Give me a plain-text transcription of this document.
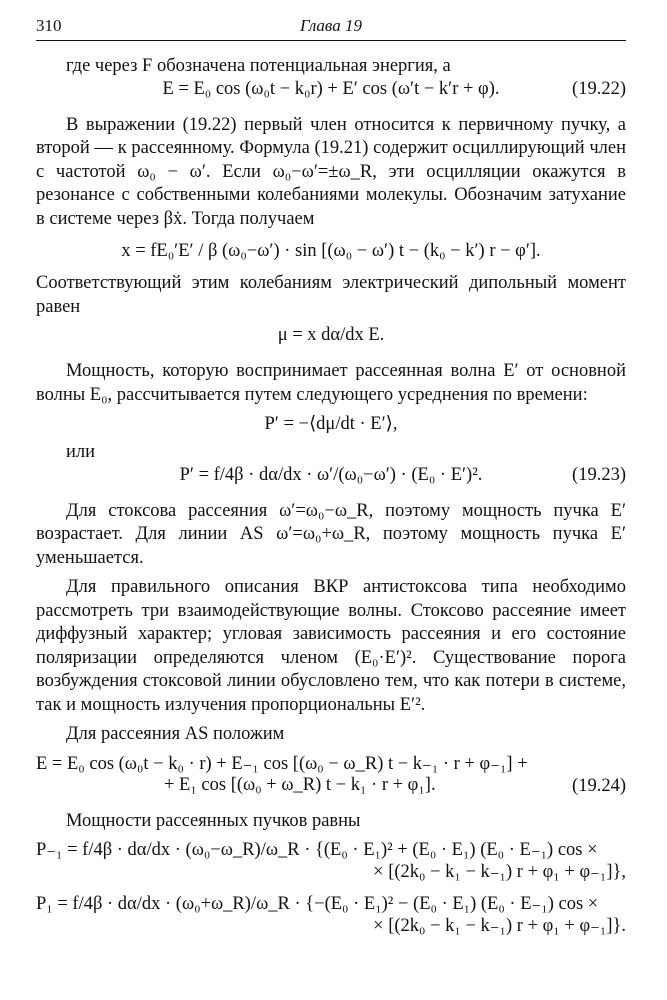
310	Глава 19

где через F обозначена потенциальная энергия, а

E = E₀ cos (ω₀t − k₀r) + E′ cos (ω′t − k′r + φ).	(19.22)

В выражении (19.22) первый член относится к первичному пучку, а второй — к рассеянному. Формула (19.21) содержит осциллирующий член с частотой ω₀ − ω′. Если ω₀−ω′=±ω_R, эти осцилляции окажутся в резонансе с собственными колебаниями молекулы. Обозначим затухание в системе через βẋ. Тогда получаем

x = fE₀′E′ / β (ω₀−ω′) · sin [(ω₀ − ω′) t − (k₀ − k′) r − φ′].

Соответствующий этим колебаниям электрический дипольный момент равен

μ = x dα/dx E.

Мощность, которую воспринимает рассеянная волна E′ от основной волны E₀, рассчитывается путем следующего усреднения по времени:

P′ = −⟨dμ/dt · E′⟩,

или

P′ = f/4β · dα/dx · ω′/(ω₀−ω′) · (E₀ · E′)².	(19.23)

Для стоксова рассеяния ω′=ω₀−ω_R, поэтому мощность пучка E′ возрастает. Для линии AS ω′=ω₀+ω_R, поэтому мощность пучка E′ уменьшается.

Для правильного описания ВКР антистоксова типа необходимо рассмотреть три взаимодействующие волны. Стоксово рассеяние имеет диффузный характер; угловая зависимость рассеяния и его состояние поляризации определяются членом (E₀·E′)². Существование порога возбуждения стоксовой линии обусловлено тем, что как потери в системе, так и мощность излучения пропорциональны E′².

Для рассеяния AS положим

E = E₀ cos (ω₀t − k₀ · r) + E₋₁ cos [(ω₀ − ω_R) t − k₋₁ · r + φ₋₁] +
+ E₁ cos [(ω₀ + ω_R) t − k₁ · r + φ₁].	(19.24)

Мощности рассеянных пучков равны

P₋₁ = f/4β · dα/dx · (ω₀−ω_R)/ω_R · {(E₀ · E₁)² + (E₀ · E₁) (E₀ · E₋₁) cos ×
× [(2k₀ − k₁ − k₋₁) r + φ₁ + φ₋₁]},
P₁ = f/4β · dα/dx · (ω₀+ω_R)/ω_R · {−(E₀ · E₁)² − (E₀ · E₁) (E₀ · E₋₁) cos ×
× [(2k₀ − k₁ − k₋₁) r + φ₁ + φ₋₁]}.
